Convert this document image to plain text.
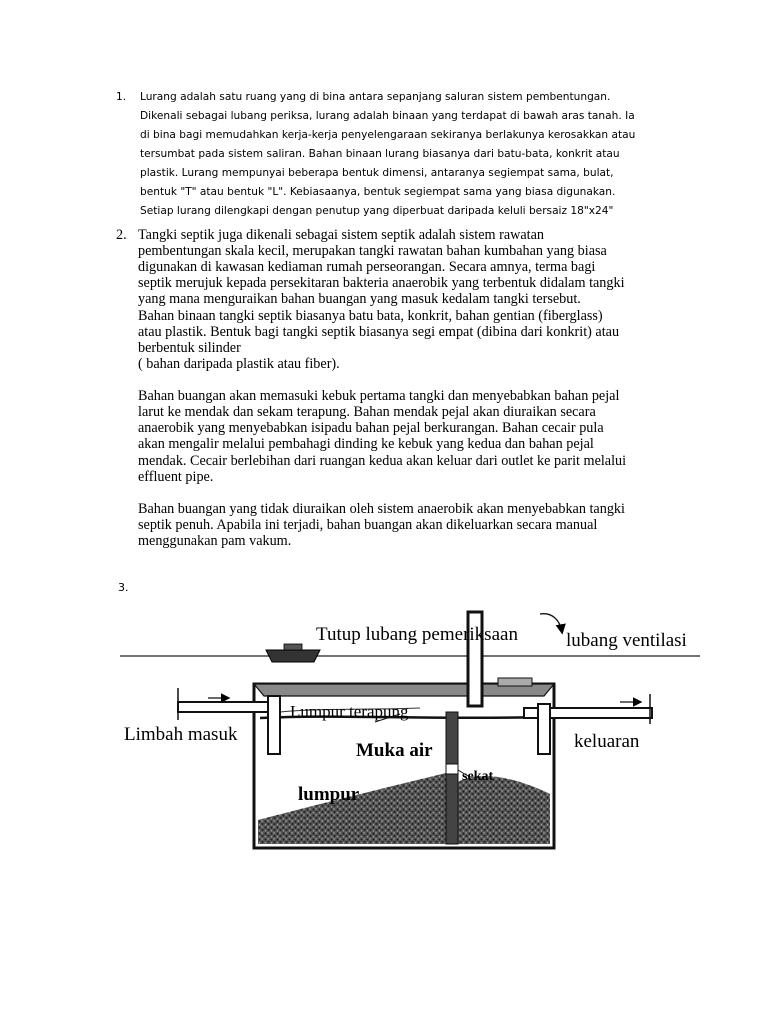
1. Lurang adalah satu ruang yang di bina antara sepanjang saluran sistem pembentungan.
Dikenali sebagai lubang periksa, lurang adalah binaan yang terdapat di bawah aras tanah. Ia
di bina bagi memudahkan kerja-kerja penyelengaraan sekiranya berlakunya kerosakkan atau
tersumbat pada sistem saliran. Bahan binaan lurang biasanya dari batu-bata, konkrit atau
plastik. Lurang mempunyai beberapa bentuk dimensi, antaranya segiempat sama, bulat,
bentuk "T" atau bentuk "L". Kebiasaanya, bentuk segiempat sama yang biasa digunakan.
Setiap lurang dilengkapi dengan penutup yang diperbuat daripada keluli bersaiz 18"x24"
2. Tangki septik juga dikenali sebagai sistem septik adalah sistem rawatan
pembentungan skala kecil, merupakan tangki rawatan bahan kumbahan yang biasa
digunakan di kawasan kediaman rumah perseorangan. Secara amnya, terma bagi
septik merujuk kepada persekitaran bakteria anaerobik yang terbentuk didalam tangki
yang mana menguraikan bahan buangan yang masuk kedalam tangki tersebut.
Bahan binaan tangki septik biasanya batu bata, konkrit, bahan gentian (fiberglass)
atau plastik. Bentuk bagi tangki septik biasanya segi empat (dibina dari konkrit) atau
berbentuk silinder
( bahan daripada plastik atau fiber).
Bahan buangan akan memasuki kebuk pertama tangki dan menyebabkan bahan pejal
larut ke mendak dan sekam terapung. Bahan mendak pejal akan diuraikan secara
anaerobik yang menyebabkan isipadu bahan pejal berkurangan. Bahan cecair pula
akan mengalir melalui pembahagi dinding ke kebuk yang kedua dan bahan pejal
mendak. Cecair berlebihan dari ruangan kedua akan keluar dari outlet ke parit melalui
effluent pipe.
Bahan buangan yang tidak diuraikan oleh sistem anaerobik akan menyebabkan tangki
septik penuh. Apabila ini terjadi, bahan buangan akan dikeluarkan secara manual
menggunakan pam vakum.
3.
Tutup lubang pemeriksaan	lubang ventilasi
Lumpur terapung
Limbah masuk
Muka air	keluaran
sekat
lumpur
